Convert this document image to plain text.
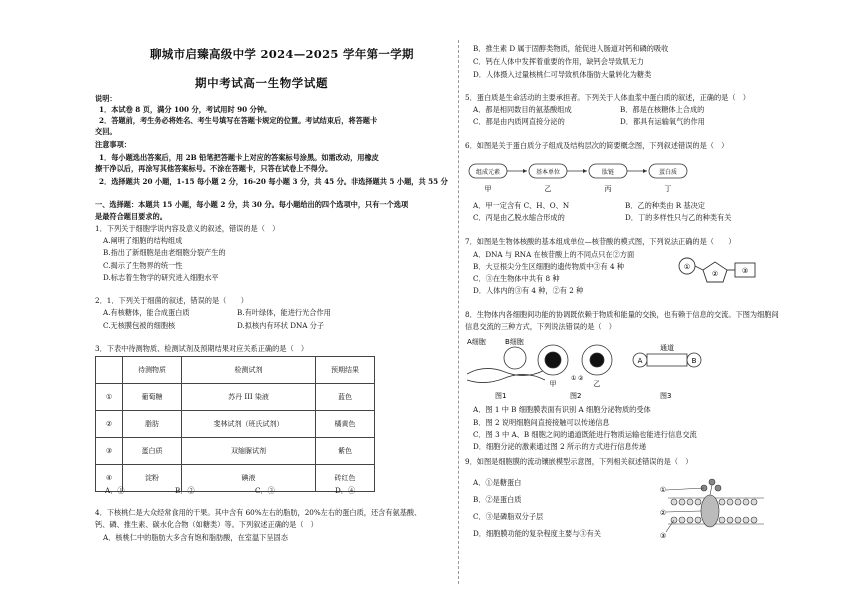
聊城市启臻高级中学 2024—2025 学年第一学期
期中考试高一生物学试题
说明：
1．本试卷 8 页，满分 100 分，考试用时 90 分钟。
2．答题前，考生务必将姓名、考生号填写在答题卡规定的位置。考试结束后，将答题卡
交回。
注意事项：
1．每小题选出答案后，用 2B 铅笔把答题卡上对应的答案标号涂黑。如需改动，用橡皮
擦干净以后，再涂写其他答案标号。不涂在答题卡，只答在试卷上不得分。
2．选择题共 20 小题，1-15 每小题 2 分，16-20 每小题 3 分，共 45 分。非选择题共 5 小题，共 55 分
一、选择题：本题共 15 小题，每小题 2 分，共 30 分。每小题给出的四个选项中，只有一个选项
是最符合题目要求的。
1．下列关于细胞学说内容及意义的叙述，错误的是（　）
A.阐明了细胞的结构组成
B.指出了新细胞是由老细胞分裂产生的
C.揭示了生物界的统一性
D.标志着生物学的研究进入细胞水平
2．1．下列关于细菌的叙述，错误的是（　　）
A.有核糖体，能合成蛋白质	B.有叶绿体，能进行光合作用
C.无核膜包被的细胞核	D.拟核内有环状 DNA 分子
3．下表中待测物质、检测试剂及预期结果对应关系正确的是（　）
	待测物质	检测试剂	预期结果
①	葡萄糖	苏丹 III 染液	蓝色
②	脂肪	斐林试剂（班氏试剂）	橘黄色
③	蛋白质	双缩脲试剂	紫色
④	淀粉	碘液	砖红色
A．①	B．②	C．③	D．④
4．下核桃仁是大众经常食用的干果。其中含有 60%左右的脂肪，20%左右的蛋白质，还含有氨基酸、
钙、磷、推生素、碳水化合物（如糖类）等。下列叙述正确的是（　）
A．核桃仁中的脂肪大多含有饱和脂肪酸，在室温下呈固态
B．推生素 D 属于固醇类物质，能促进人肠道对钙和磷的吸收
C．钙在人体中发挥着重要的作用，缺钙会导致肌无力
D．人体摄入过量核桃仁可导致机体脂肪大量转化为糖类
5．蛋白质是生命活动的主要承担者。下列关于人体血浆中蛋白质的叙述，正确的是（　）
A．都是相同数目的氨基酸组成	B．都是在核糖体上合成的
C．都是由内质网直接分泌的	D．都具有运输氧气的作用
6．如图是关于蛋白质分子组成及结构层次的简要概念图，下列叙述错误的是（　）
组成元素	基本单位	肽链	蛋白质
甲	乙	丙	丁
A．甲一定含有 C、H、O、N	B．乙的种类由 R 基决定
C．丙是由乙脱水缩合形成的	D．丁的多样性只与乙的种类有关
7．如图是生物体核酸的基本组成单位—核苷酸的模式图，下列说法正确的是（　　）
A．DNA 与 RNA 在核苷酸上的不同点只在②方面
B．大豆根尖分生区细胞的遗传物质中③有 4 种
C．③在生物体中共有 8 种
D．人体内的③有 4 种，②有 2 种
①
②	③
8．生物体内各细胞间功能的协调既依赖于物质和能量的交换，也有赖于信息的交流。下图为细胞间
信息交流的三种方式，下列说法错误的是（　）
A细胞	B细胞
甲	乙
通道
A	B
图1	图2	图3
① ②
A．图 1 中 B 细胞膜表面有识别 A 细胞分泌物质的受体
B．图 2 说明细胞间直接接触可以传递信息
C．图 3 中 A、B 细胞之间的通道既能进行物质运输也能进行信息交流
D．细胞分泌的激素通过图 2 所示的方式进行信息传递
9．如图是细胞膜的流动镶嵌模型示意图，下列相关叙述错误的是（　）
A．①是糖蛋白
B．②是蛋白质
C．③是磷脂双分子层
D．细胞膜功能的复杂程度主要与③有关
①
②
③
